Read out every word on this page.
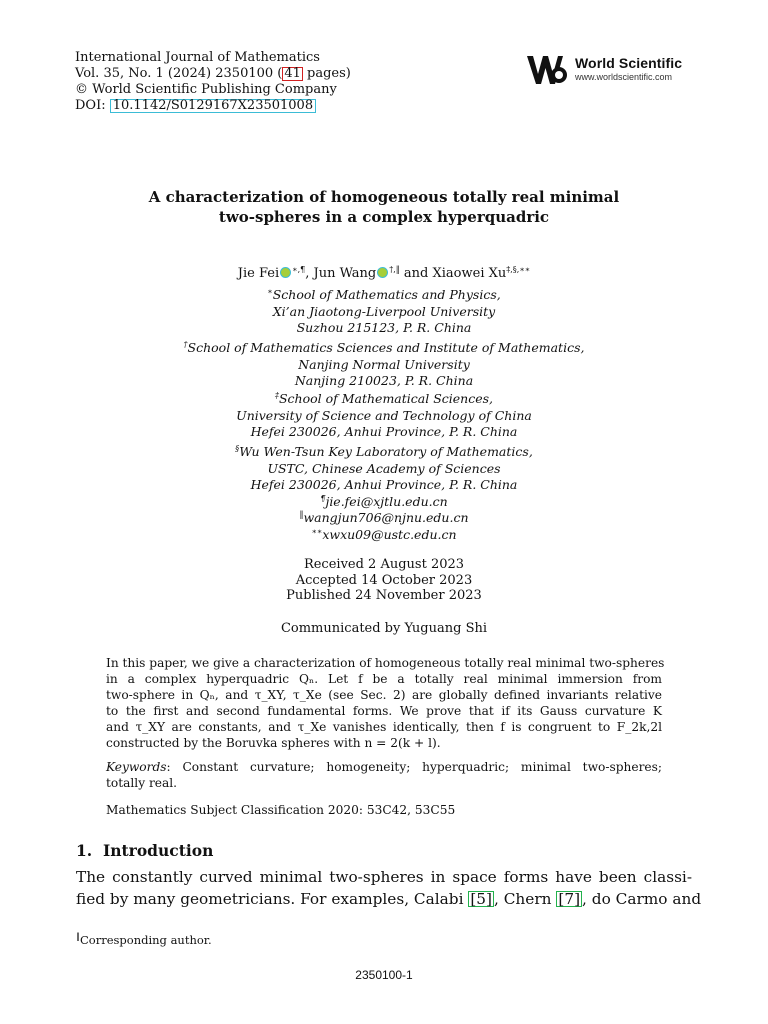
International Journal of Mathematics
Vol. 35, No. 1 (2024) 2350100 ( 41 pages)
© World Scientific Publishing Company
DOI: 10.1142/S0129167X23501008
World Scientific
www.worldscientific.com
A characterization of homogeneous totally real minimal
two-spheres in a complex hyperquadric
Jie Fei ∗,¶, Jun Wang †,‖ and Xiaowei Xu‡,§,∗∗
∗School of Mathematics and Physics,
Xi’an Jiaotong-Liverpool University
Suzhou 215123, P. R. China
†School of Mathematics Sciences and Institute of Mathematics,
Nanjing Normal University
Nanjing 210023, P. R. China
‡School of Mathematical Sciences,
University of Science and Technology of China
Hefei 230026, Anhui Province, P. R. China
§Wu Wen-Tsun Key Laboratory of Mathematics,
USTC, Chinese Academy of Sciences
Hefei 230026, Anhui Province, P. R. China
¶jie.fei@xjtlu.edu.cn
‖wangjun706@njnu.edu.cn
∗∗xwxu09@ustc.edu.cn
Received 2 August 2023
Accepted 14 October 2023
Published 24 November 2023
Communicated by Yuguang Shi
In this paper, we give a characterization of homogeneous totally real minimal two-spheres
in a complex hyperquadric Qₙ. Let f be a totally real minimal immersion from
two-sphere in Qₙ, and τ_XY, τ_Xe (see Sec. 2) are globally defined invariants relative
to the first and second fundamental forms. We prove that if its Gauss curvature K
and τ_XY are constants, and τ_Xe vanishes identically, then f is congruent to F_2k,2l
constructed by the Boruvka spheres with n = 2(k + l).
Keywords: Constant curvature; homogeneity; hyperquadric; minimal two-spheres;
totally real.
Mathematics Subject Classification 2020: 53C42, 53C55
1. Introduction
The constantly curved minimal two-spheres in space forms have been classi-
fied by many geometricians. For examples, Calabi [5] , Chern [7] , do Carmo and
‖Corresponding author.
2350100-1
